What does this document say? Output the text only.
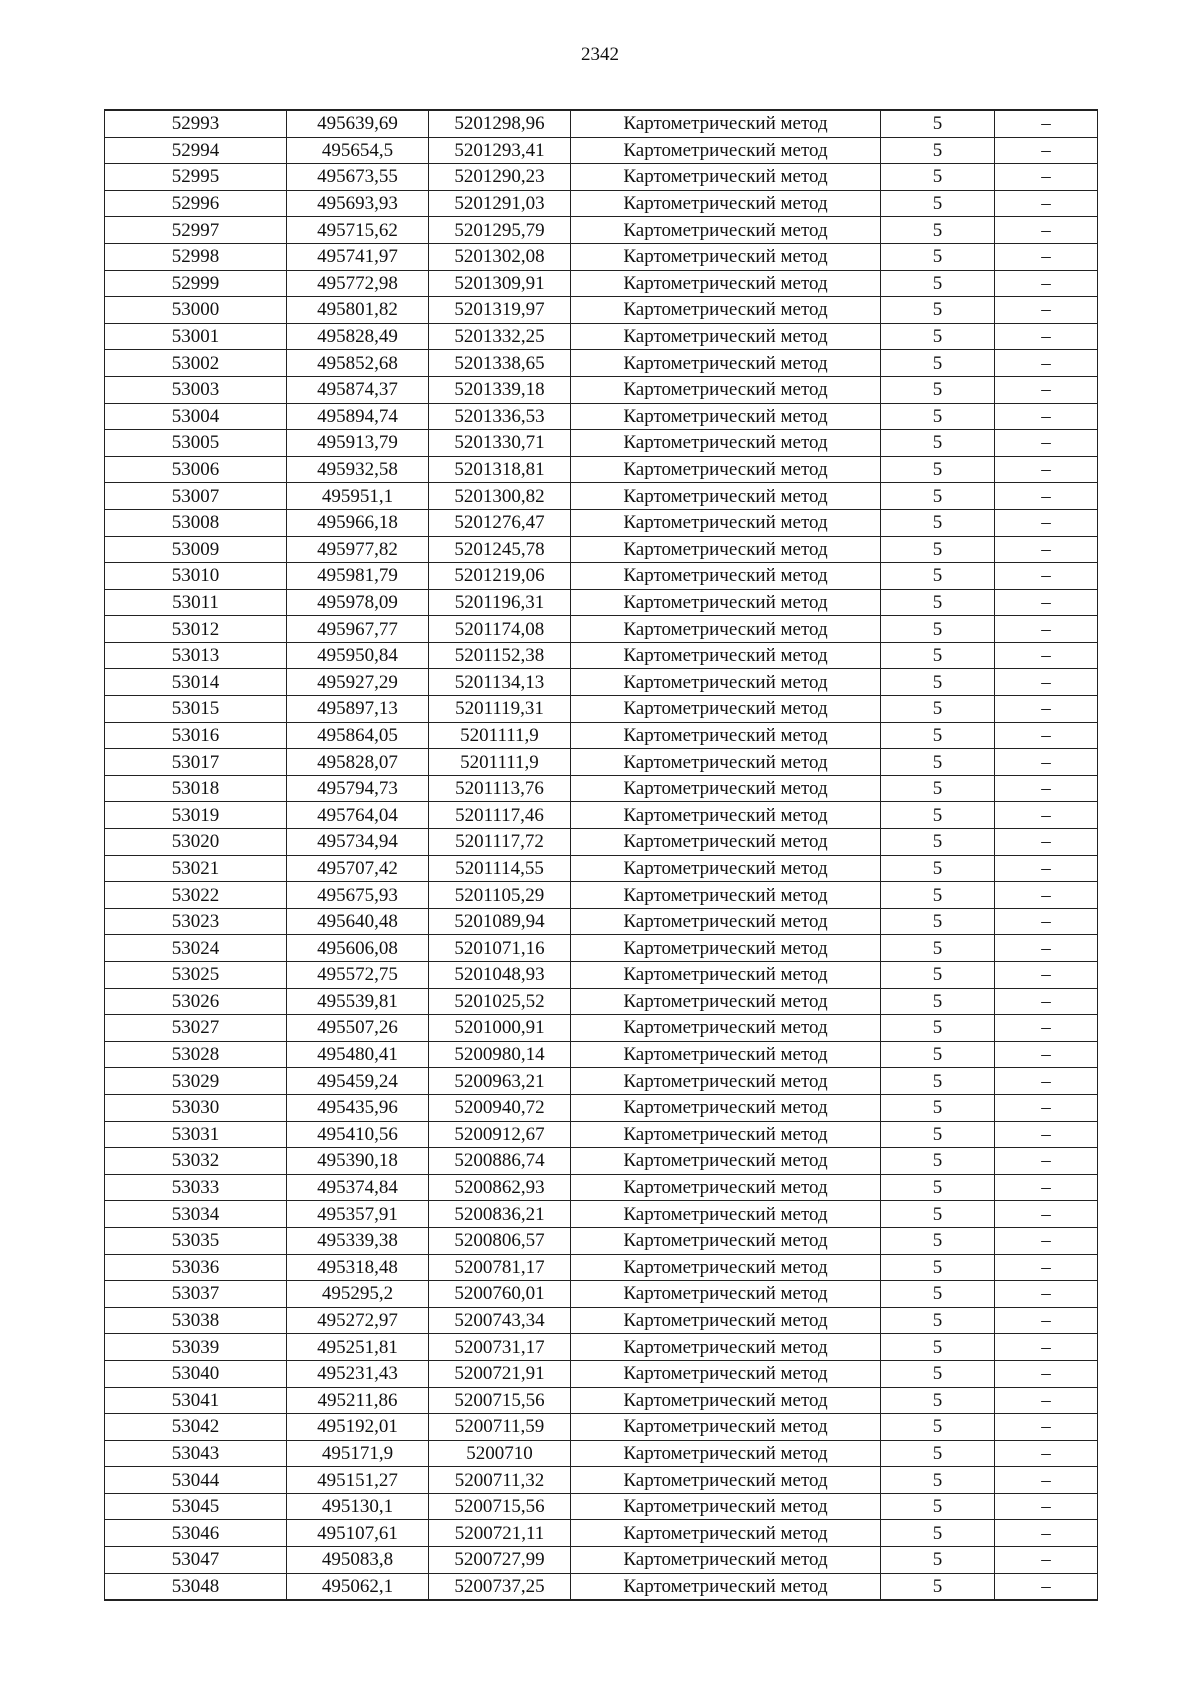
2342
52993	495639,69	5201298,96	Картометрический метод	5	–
52994	495654,5	5201293,41	Картометрический метод	5	–
52995	495673,55	5201290,23	Картометрический метод	5	–
52996	495693,93	5201291,03	Картометрический метод	5	–
52997	495715,62	5201295,79	Картометрический метод	5	–
52998	495741,97	5201302,08	Картометрический метод	5	–
52999	495772,98	5201309,91	Картометрический метод	5	–
53000	495801,82	5201319,97	Картометрический метод	5	–
53001	495828,49	5201332,25	Картометрический метод	5	–
53002	495852,68	5201338,65	Картометрический метод	5	–
53003	495874,37	5201339,18	Картометрический метод	5	–
53004	495894,74	5201336,53	Картометрический метод	5	–
53005	495913,79	5201330,71	Картометрический метод	5	–
53006	495932,58	5201318,81	Картометрический метод	5	–
53007	495951,1	5201300,82	Картометрический метод	5	–
53008	495966,18	5201276,47	Картометрический метод	5	–
53009	495977,82	5201245,78	Картометрический метод	5	–
53010	495981,79	5201219,06	Картометрический метод	5	–
53011	495978,09	5201196,31	Картометрический метод	5	–
53012	495967,77	5201174,08	Картометрический метод	5	–
53013	495950,84	5201152,38	Картометрический метод	5	–
53014	495927,29	5201134,13	Картометрический метод	5	–
53015	495897,13	5201119,31	Картометрический метод	5	–
53016	495864,05	5201111,9	Картометрический метод	5	–
53017	495828,07	5201111,9	Картометрический метод	5	–
53018	495794,73	5201113,76	Картометрический метод	5	–
53019	495764,04	5201117,46	Картометрический метод	5	–
53020	495734,94	5201117,72	Картометрический метод	5	–
53021	495707,42	5201114,55	Картометрический метод	5	–
53022	495675,93	5201105,29	Картометрический метод	5	–
53023	495640,48	5201089,94	Картометрический метод	5	–
53024	495606,08	5201071,16	Картометрический метод	5	–
53025	495572,75	5201048,93	Картометрический метод	5	–
53026	495539,81	5201025,52	Картометрический метод	5	–
53027	495507,26	5201000,91	Картометрический метод	5	–
53028	495480,41	5200980,14	Картометрический метод	5	–
53029	495459,24	5200963,21	Картометрический метод	5	–
53030	495435,96	5200940,72	Картометрический метод	5	–
53031	495410,56	5200912,67	Картометрический метод	5	–
53032	495390,18	5200886,74	Картометрический метод	5	–
53033	495374,84	5200862,93	Картометрический метод	5	–
53034	495357,91	5200836,21	Картометрический метод	5	–
53035	495339,38	5200806,57	Картометрический метод	5	–
53036	495318,48	5200781,17	Картометрический метод	5	–
53037	495295,2	5200760,01	Картометрический метод	5	–
53038	495272,97	5200743,34	Картометрический метод	5	–
53039	495251,81	5200731,17	Картометрический метод	5	–
53040	495231,43	5200721,91	Картометрический метод	5	–
53041	495211,86	5200715,56	Картометрический метод	5	–
53042	495192,01	5200711,59	Картометрический метод	5	–
53043	495171,9	5200710	Картометрический метод	5	–
53044	495151,27	5200711,32	Картометрический метод	5	–
53045	495130,1	5200715,56	Картометрический метод	5	–
53046	495107,61	5200721,11	Картометрический метод	5	–
53047	495083,8	5200727,99	Картометрический метод	5	–
53048	495062,1	5200737,25	Картометрический метод	5	–
